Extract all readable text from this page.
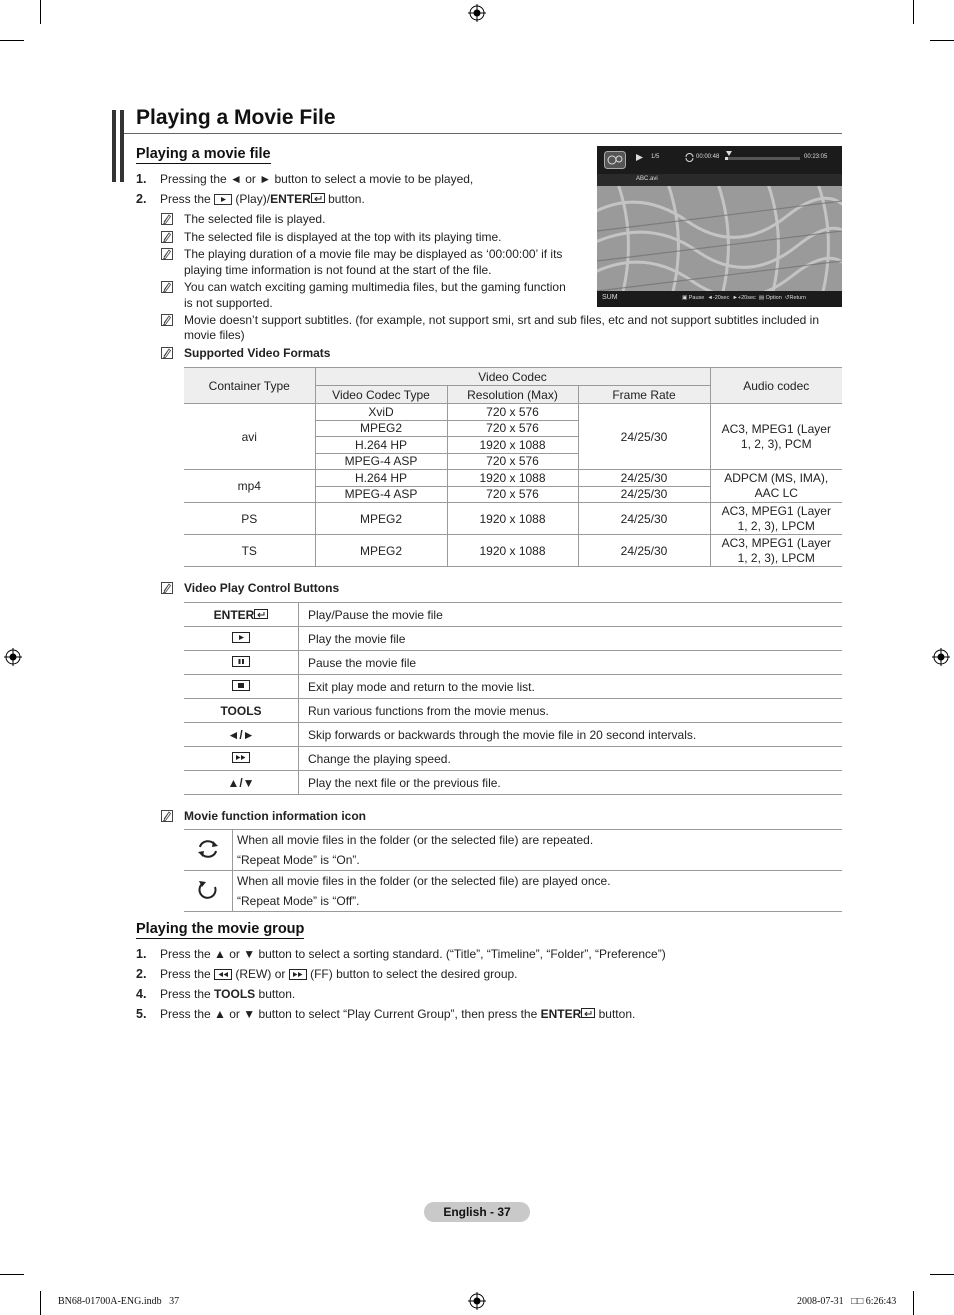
Playing a Movie File
Playing a movie file
1. Pressing the ◄ or ► button to select a movie to be played,
2. Press the (Play)/ENTER button.
The selected file is played.
The selected file is displayed at the top with its playing time.
The playing duration of a movie file may be displayed as ‘00:00:00’ if its
playing time information is not found at the start of the file.
You can watch exciting gaming multimedia files, but the gaming function
is not supported.
Movie doesn’t support subtitles. (for example, not support smi, srt and sub files, etc and not support subtitles included in
movie files)
Supported Video Formats
1/5	00:00:48	00:23:05
ABC.avi
SUM	▣ Pause ◄-20sec ►+20sec ▤ Option ↺Return
Container Type	Video Codec			Audio codec
	Video Codec Type	Resolution (Max)	Frame Rate	
avi	XviD	720 x 576	24/25/30	AC3, MPEG1 (Layer
1, 2, 3), PCM
	MPEG2	720 x 576		
	H.264 HP	1920 x 1088		
	MPEG-4 ASP	720 x 576		
mp4	H.264 HP	1920 x 1088	24/25/30	ADPCM (MS, IMA),
AAC LC
	MPEG-4 ASP	720 x 576	24/25/30	
PS	MPEG2	1920 x 1088	24/25/30	AC3, MPEG1 (Layer
1, 2, 3), LPCM
TS	MPEG2	1920 x 1088	24/25/30	AC3, MPEG1 (Layer
1, 2, 3), LPCM
Video Play Control Buttons
ENTER	Play/Pause the movie file
	Play the movie file
	Pause the movie file
	Exit play mode and return to the movie list.
TOOLS	Run various functions from the movie menus.
◄/►	Skip forwards or backwards through the movie file in 20 second intervals.
	Change the playing speed.
▲/▼	Play the next file or the previous file.
Movie function information icon
	When all movie files in the folder (or the selected file) are repeated.
“Repeat Mode” is “On”.
	When all movie files in the folder (or the selected file) are played once.
“Repeat Mode” is “Off”.
Playing the movie group
1. Press the ▲ or ▼ button to select a sorting standard. (“Title”, “Timeline”, “Folder”, “Preference”)
2. Press the (REW) or (FF) button to select the desired group.
4. Press the TOOLS button.
5. Press the ▲ or ▼ button to select “Play Current Group”, then press the ENTER button.
English - 37
BN68-01700A-ENG.indb   37	2008-07-31   □□ 6:26:43
